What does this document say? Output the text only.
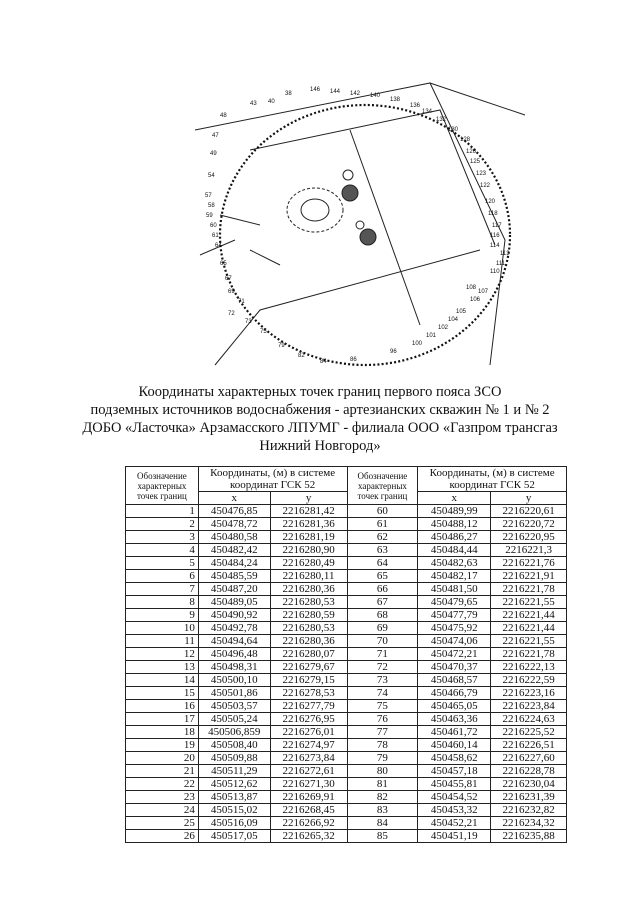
38
40
48
47
43
49
54
57
58
59
60
61
64
65
67
69
71
72
73
75
79
82
84	86
96
100
101
102
104
105
106
107
108
110
111
113
114
116
117
118
120
122
123
125
126
128
130
132
134
136
138
140
142
144
146
Координаты характерных точек границ первого пояса ЗСО
подземных источников водоснабжения - артезианских скважин № 1 и № 2
ДОБО «Ласточка» Арзамасского ЛПУМГ - филиала ООО «Газпром трансгаз
Нижний Новгород»
Обозначение характерных точек границ	Координаты, (м) в системе координат ГСК 52		Обозначение характерных точек границ	Координаты, (м) в системе координат ГСК 52	
	x	y		x	y
1	450476,85	2216281,42	60	450489,99	2216220,61
2	450478,72	2216281,36	61	450488,12	2216220,72
3	450480,58	2216281,19	62	450486,27	2216220,95
4	450482,42	2216280,90	63	450484,44	2216221,3
5	450484,24	2216280,49	64	450482,63	2216221,76
6	450485,59	2216280,11	65	450482,17	2216221,91
7	450487,20	2216280,36	66	450481,50	2216221,78
8	450489,05	2216280,53	67	450479,65	2216221,55
9	450490,92	2216280,59	68	450477,79	2216221,44
10	450492,78	2216280,53	69	450475,92	2216221,44
11	450494,64	2216280,36	70	450474,06	2216221,55
12	450496,48	2216280,07	71	450472,21	2216221,78
13	450498,31	2216279,67	72	450470,37	2216222,13
14	450500,10	2216279,15	73	450468,57	2216222,59
15	450501,86	2216278,53	74	450466,79	2216223,16
16	450503,57	2216277,79	75	450465,05	2216223,84
17	450505,24	2216276,95	76	450463,36	2216224,63
18	450506,859	2216276,01	77	450461,72	2216225,52
19	450508,40	2216274,97	78	450460,14	2216226,51
20	450509,88	2216273,84	79	450458,62	2216227,60
21	450511,29	2216272,61	80	450457,18	2216228,78
22	450512,62	2216271,30	81	450455,81	2216230,04
23	450513,87	2216269,91	82	450454,52	2216231,39
24	450515,02	2216268,45	83	450453,32	2216232,82
25	450516,09	2216266,92	84	450452,21	2216234,32
26	450517,05	2216265,32	85	450451,19	2216235,88
